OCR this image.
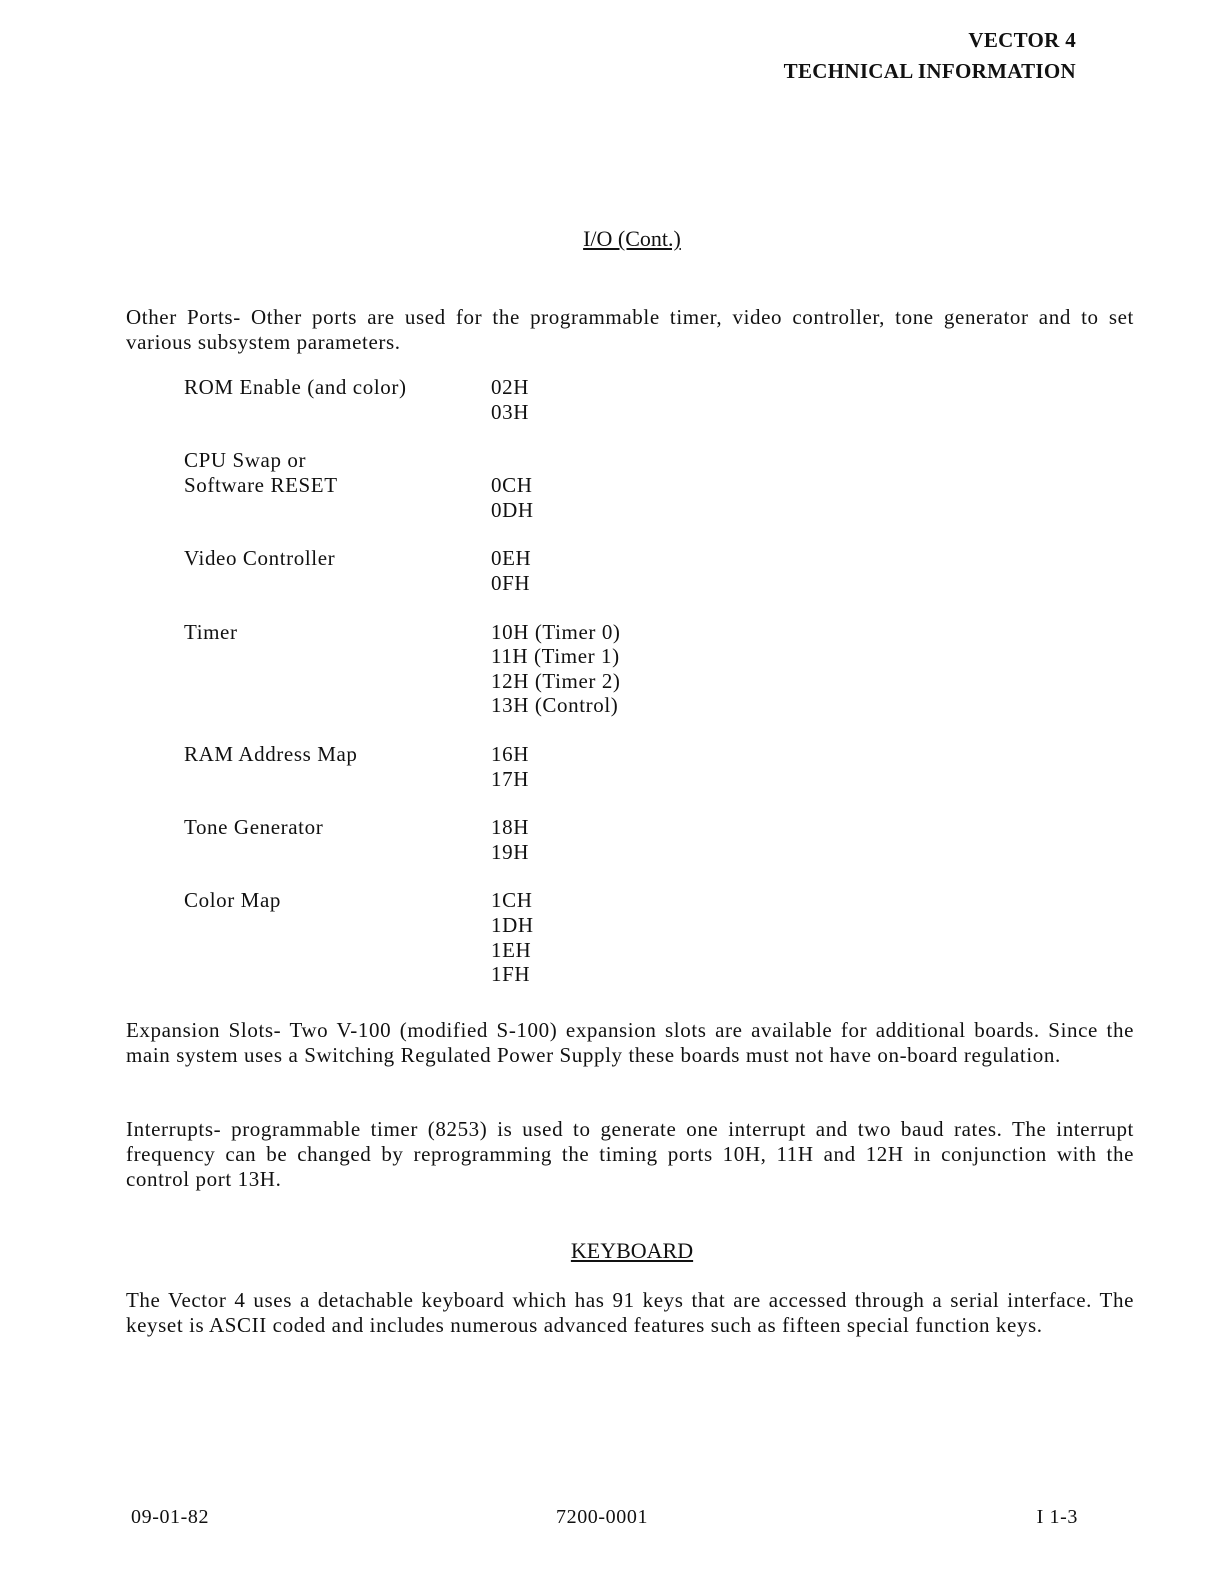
VECTOR 4
TECHNICAL INFORMATION
I/O (Cont.)
Other Ports- Other ports are used for the programmable timer, video controller, tone generator and to set various subsystem parameters.
ROM Enable (and color)	02H
03H
CPU Swap or
Software RESET	0CH
0DH
Video Controller	0EH
0FH
Timer	10H (Timer 0)
11H (Timer 1)
12H (Timer 2)
13H (Control)
RAM Address Map	16H
17H
Tone Generator	18H
19H
Color Map	1CH
1DH
1EH
1FH
Expansion Slots- Two V-100 (modified S-100) expansion slots are available for additional boards. Since the main system uses a Switching Regulated Power Supply these boards must not have on-board regulation.
Interrupts- programmable timer (8253) is used to generate one interrupt and two baud rates. The interrupt frequency can be changed by reprogramming the timing ports 10H, 11H and 12H in conjunction with the control port 13H.
KEYBOARD
The Vector 4 uses a detachable keyboard which has 91 keys that are accessed through a serial interface. The keyset is ASCII coded and includes numerous advanced features such as fifteen special function keys.
09-01-82	7200-0001	I 1-3
